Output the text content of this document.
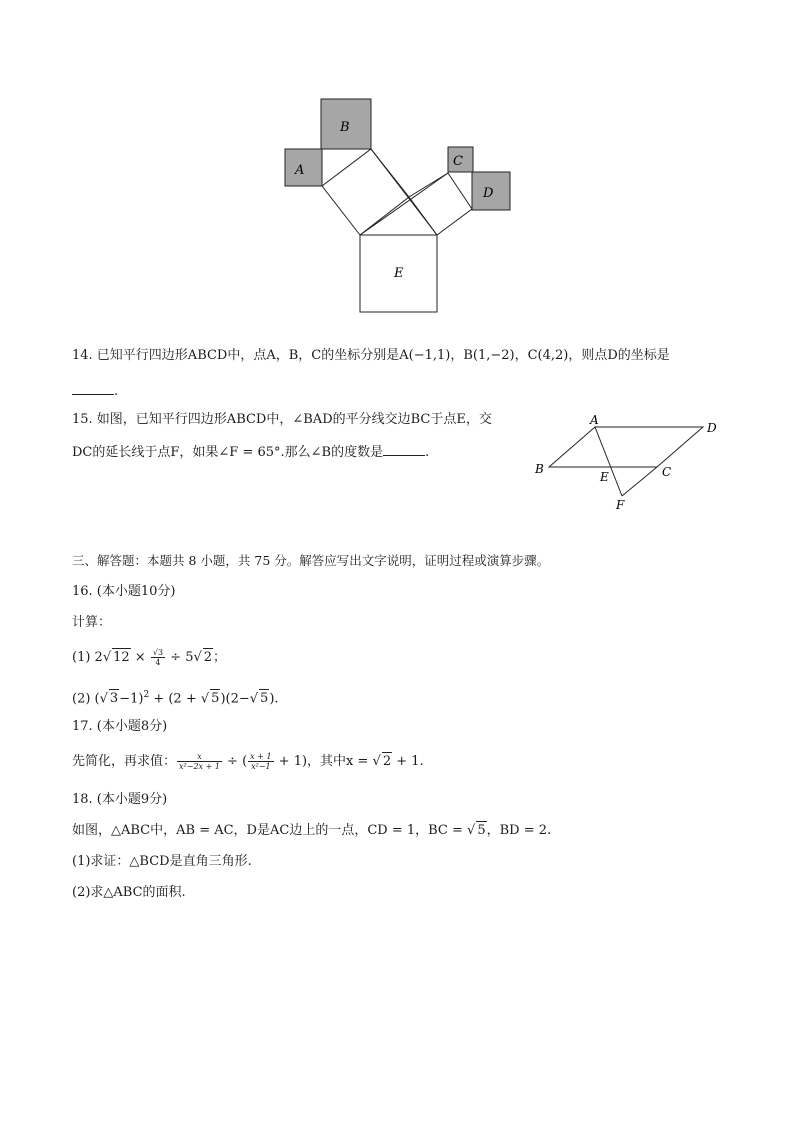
B
A
C
D
E
14. 已知平行四边形ABCD中，点A，B，C的坐标分别是A(−1,1)，B(1,−2)，C(4,2)，则点D的坐标是
.
15. 如图，已知平行四边形ABCD中，∠BAD的平分线交边BC于点E，交
DC的延长线于点F，如果∠F = 65°.那么∠B的度数是	.
A
D
B
E	C
F
三、解答题：本题共 8 小题，共 75 分。解答应写出文字说明，证明过程或演算步骤。
16. (本小题10分)
计算：
(1) 2√ $12 \times \frac{√3}{4} \div 5√$ 2；
(2) (√ 3−1)$^2$ + (2 + √ 5)(2−√ 5).
17. (本小题8分)
先简化，再求值： $\frac{x}{\text{x²−2x + 1}}$ ÷ ( $\frac{x + 1}{\text{x²−1}} + 1$)，其中x = √ 2 + 1.
18. (本小题9分)
如图，△ABC中，AB = AC，D是AC边上的一点，CD = 1，BC = √ 5，BD = 2.
(1)求证：△BCD是直角三角形.
(2)求△ABC的面积.
